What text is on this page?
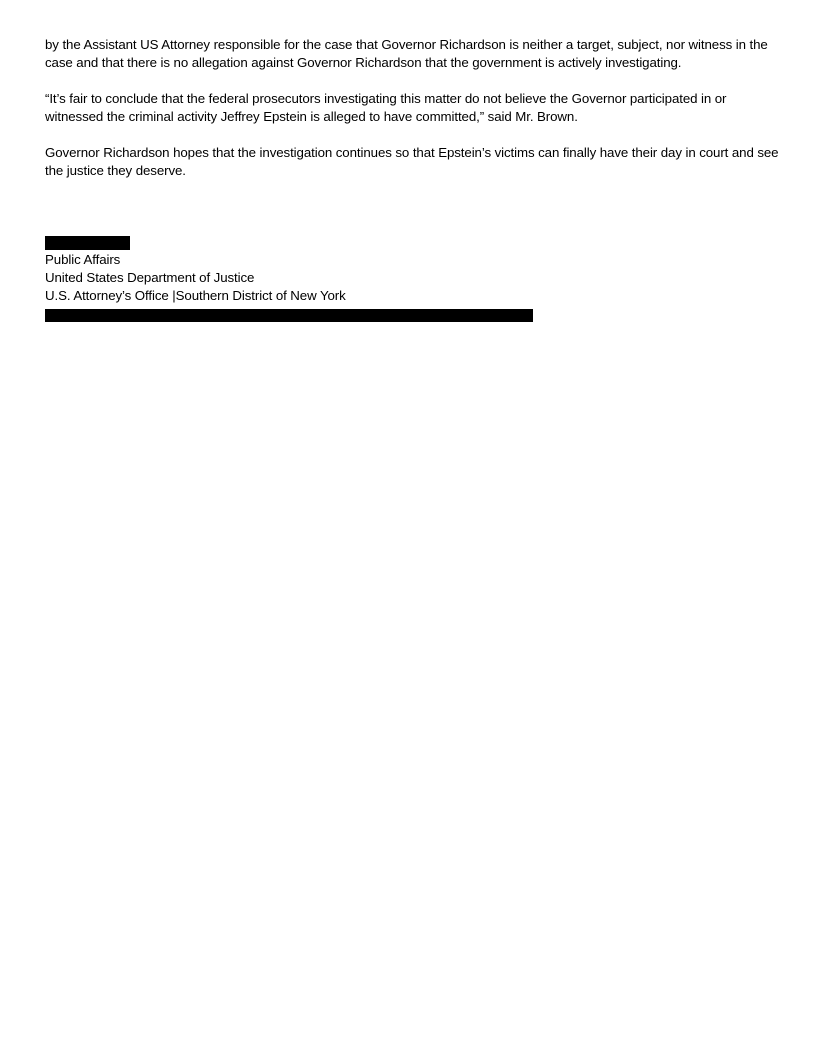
by the Assistant US Attorney responsible for the case that Governor Richardson is neither a target, subject, nor witness in the case and that there is no allegation against Governor Richardson that the government is actively investigating.

“It’s fair to conclude that the federal prosecutors investigating this matter do not believe the Governor participated in or witnessed the criminal activity Jeffrey Epstein is alleged to have committed,” said Mr. Brown.

Governor Richardson hopes that the investigation continues so that Epstein’s victims can finally have their day in court and see the justice they deserve.

Public Affairs

United States Department of Justice

U.S. Attorney’s Office |Southern District of New York
